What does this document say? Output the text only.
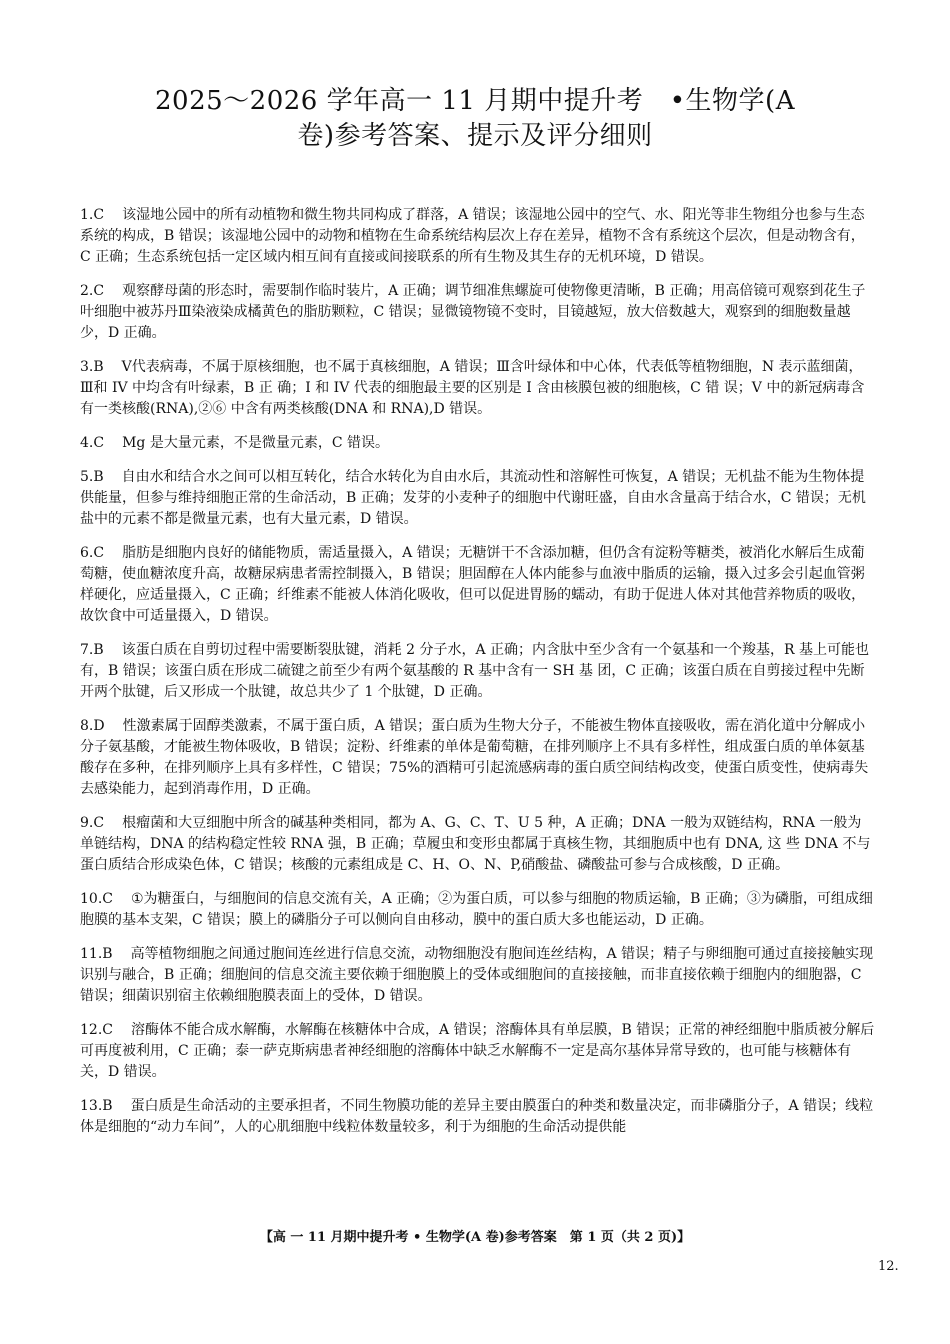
2025～2026 学年高一 11 月期中提升考　•生物学(A
卷)参考答案、提示及评分细则
1.C 该湿地公园中的所有动植物和微生物共同构成了群落，A 错误；该湿地公园中的空气、水、阳光等非生物组分也参与生态系统的构成，B 错误；该湿地公园中的动物和植物在生命系统结构层次上存在差异，植物不含有系统这个层次，但是动物含有，C 正确；生态系统包括一定区域内相互间有直接或间接联系的所有生物及其生存的无机环境，D 错误。
2.C 观察酵母菌的形态时，需要制作临时装片，A 正确；调节细准焦螺旋可使物像更清晰，B 正确；用高倍镜可观察到花生子叶细胞中被苏丹Ⅲ染液染成橘黄色的脂肪颗粒，C 错误；显微镜物镜不变时，目镜越短，放大倍数越大，观察到的细胞数量越少，D 正确。
3.B Ⅴ代表病毒，不属于原核细胞，也不属于真核细胞，A 错误；Ⅲ含叶绿体和中心体，代表低等植物细胞，N 表示蓝细菌，Ⅲ和 IV 中均含有叶绿素，B 正 确；I 和 IV 代表的细胞最主要的区别是 I 含由核膜包被的细胞核，C 错 误；V 中的新冠病毒含有一类核酸(RNA),②⑥ 中含有两类核酸(DNA 和 RNA),D 错误。
4.C Mg 是大量元素，不是微量元素，C 错误。
5.B 自由水和结合水之间可以相互转化，结合水转化为自由水后，其流动性和溶解性可恢复，A 错误；无机盐不能为生物体提供能量，但参与维持细胞正常的生命活动，B 正确；发芽的小麦种子的细胞中代谢旺盛，自由水含量高于结合水，C 错误；无机盐中的元素不都是微量元素，也有大量元素，D 错误。
6.C 脂肪是细胞内良好的储能物质，需适量摄入，A 错误；无糖饼干不含添加糖，但仍含有淀粉等糖类，被消化水解后生成葡萄糖，使血糖浓度升高，故糖尿病患者需控制摄入，B 错误；胆固醇在人体内能参与血液中脂质的运输，摄入过多会引起血管粥样硬化，应适量摄入，C 正确；纤维素不能被人体消化吸收，但可以促进胃肠的蠕动，有助于促进人体对其他营养物质的吸收，故饮食中可适量摄入，D 错误。
7.B 该蛋白质在自剪切过程中需要断裂肽键，消耗 2 分子水，A 正确；内含肽中至少含有一个氨基和一个羧基，R 基上可能也有，B 错误；该蛋白质在形成二硫键之前至少有两个氨基酸的 R 基中含有一 SH 基 团，C 正确；该蛋白质在自剪接过程中先断开两个肽键，后又形成一个肽键，故总共少了 1 个肽键，D 正确。
8.D 性激素属于固醇类激素，不属于蛋白质，A 错误；蛋白质为生物大分子，不能被生物体直接吸收，需在消化道中分解成小分子氨基酸，才能被生物体吸收，B 错误；淀粉、纤维素的单体是葡萄糖，在排列顺序上不具有多样性，组成蛋白质的单体氨基酸存在多种，在排列顺序上具有多样性，C 错误；75%的酒精可引起流感病毒的蛋白质空间结构改变，使蛋白质变性，使病毒失去感染能力，起到消毒作用，D 正确。
9.C 根瘤菌和大豆细胞中所含的碱基种类相同，都为 A、G、C、T、U 5 种，A 正确；DNA 一般为双链结构，RNA 一般为单链结构，DNA 的结构稳定性较 RNA 强，B 正确；草履虫和变形虫都属于真核生物，其细胞质中也有 DNA, 这 些 DNA 不与蛋白质结合形成染色体，C 错误；核酸的元素组成是 C、H、O、N、P,硝酸盐、磷酸盐可参与合成核酸，D 正确。
10.C ①为糖蛋白，与细胞间的信息交流有关，A 正确；②为蛋白质，可以参与细胞的物质运输，B 正确；③为磷脂，可组成细胞膜的基本支架，C 错误；膜上的磷脂分子可以侧向自由移动，膜中的蛋白质大多也能运动，D 正确。
11.B 高等植物细胞之间通过胞间连丝进行信息交流，动物细胞没有胞间连丝结构，A 错误；精子与卵细胞可通过直接接触实现识别与融合，B 正确；细胞间的信息交流主要依赖于细胞膜上的受体或细胞间的直接接触，而非直接依赖于细胞内的细胞器，C 错误；细菌识别宿主依赖细胞膜表面上的受体，D 错误。
12.C 溶酶体不能合成水解酶，水解酶在核糖体中合成，A 错误；溶酶体具有单层膜，B 错误；正常的神经细胞中脂质被分解后可再度被利用，C 正确；泰一萨克斯病患者神经细胞的溶酶体中缺乏水解酶不一定是高尔基体异常导致的，也可能与核糖体有关，D 错误。
13.B 蛋白质是生命活动的主要承担者，不同生物膜功能的差异主要由膜蛋白的种类和数量决定，而非磷脂分子，A 错误；线粒体是细胞的“动力车间”，人的心肌细胞中线粒体数量较多，利于为细胞的生命活动提供能
【高 一 11 月期中提升考 • 生物学(A 卷)参考答案　第 1 页（共 2 页)】
12.
